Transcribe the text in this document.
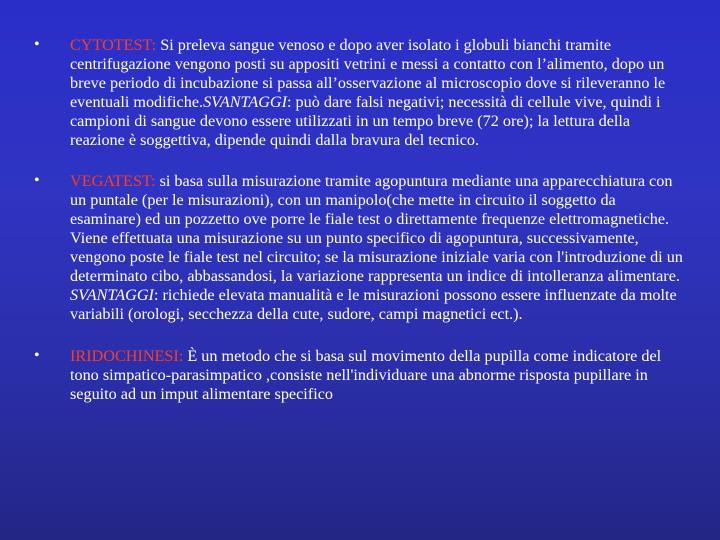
• CYTOTEST: Si preleva sangue venoso e dopo aver isolato i globuli bianchi tramite centrifugazione vengono posti su appositi vetrini e messi a contatto con l’alimento, dopo un breve periodo di incubazione si passa all’osservazione al microscopio dove si rileveranno le eventuali modifiche.SVANTAGGI: può dare falsi negativi; necessità di cellule vive, quindi i campioni di sangue devono essere utilizzati in un tempo breve (72 ore); la lettura della reazione è soggettiva, dipende quindi dalla bravura del tecnico.
• VEGATEST: si basa sulla misurazione tramite agopuntura mediante una apparecchiatura con un puntale (per le misurazioni), con un manipolo(che mette in circuito il soggetto da esaminare) ed un pozzetto ove porre le fiale test o direttamente frequenze elettromagnetiche. Viene effettuata una misurazione su un punto specifico di agopuntura, successivamente, vengono poste le fiale test nel circuito; se la misurazione iniziale varia con l'introduzione di un determinato cibo, abbassandosi, la variazione rappresenta un indice di intolleranza alimentare. SVANTAGGI: richiede elevata manualità e le misurazioni possono essere influenzate da molte variabili (orologi, secchezza della cute, sudore, campi magnetici ect.).
• IRIDOCHINESI: È un metodo che si basa sul movimento della pupilla come indicatore del tono simpatico-parasimpatico ,consiste nell'individuare una abnorme risposta pupillare in seguito ad un imput alimentare specifico
